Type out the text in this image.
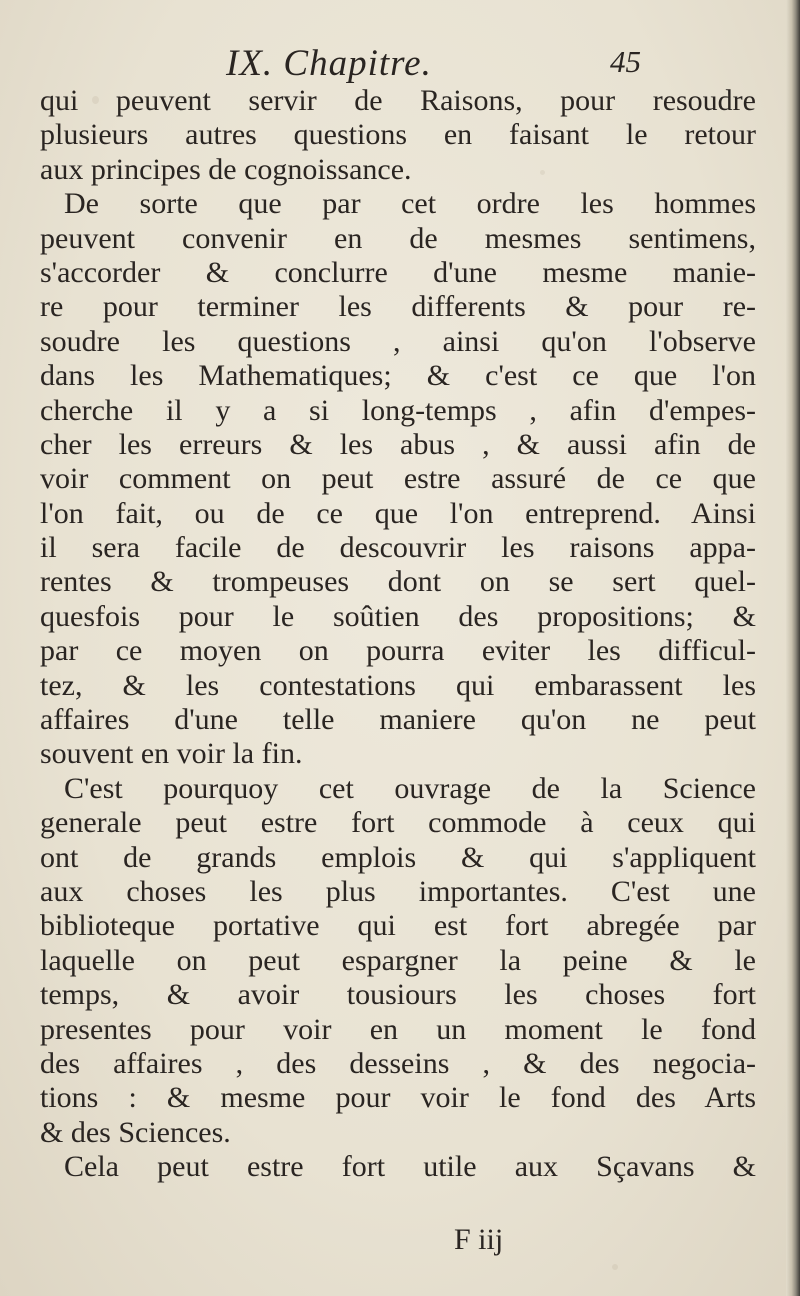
IX. Chapitre.	45
qui peuvent servir de Raisons, pour resoudre
plusieurs autres questions en faisant le retour
aux principes de cognoissance.
De sorte que par cet ordre les hommes
peuvent convenir en de mesmes sentimens,
s'accorder & conclurre d'une mesme manie-
re pour terminer les differents & pour re-
soudre les questions , ainsi qu'on l'observe
dans les Mathematiques; & c'est ce que l'on
cherche il y a si long-temps , afin d'empes-
cher les erreurs & les abus , & aussi afin de
voir comment on peut estre assuré de ce que
l'on fait, ou de ce que l'on entreprend. Ainsi
il sera facile de descouvrir les raisons appa-
rentes & trompeuses dont on se sert quel-
quesfois pour le soûtien des propositions; &
par ce moyen on pourra eviter les difficul-
tez, & les contestations qui embarassent les
affaires d'une telle maniere qu'on ne peut
souvent en voir la fin.
C'est pourquoy cet ouvrage de la Science
generale peut estre fort commode à ceux qui
ont de grands emplois & qui s'appliquent
aux choses les plus importantes. C'est une
biblioteque portative qui est fort abregée par
laquelle on peut espargner la peine & le
temps, & avoir tousiours les choses fort
presentes pour voir en un moment le fond
des affaires , des desseins , & des negocia-
tions : & mesme pour voir le fond des Arts
& des Sciences.
Cela peut estre fort utile aux Sçavans &
F iij
